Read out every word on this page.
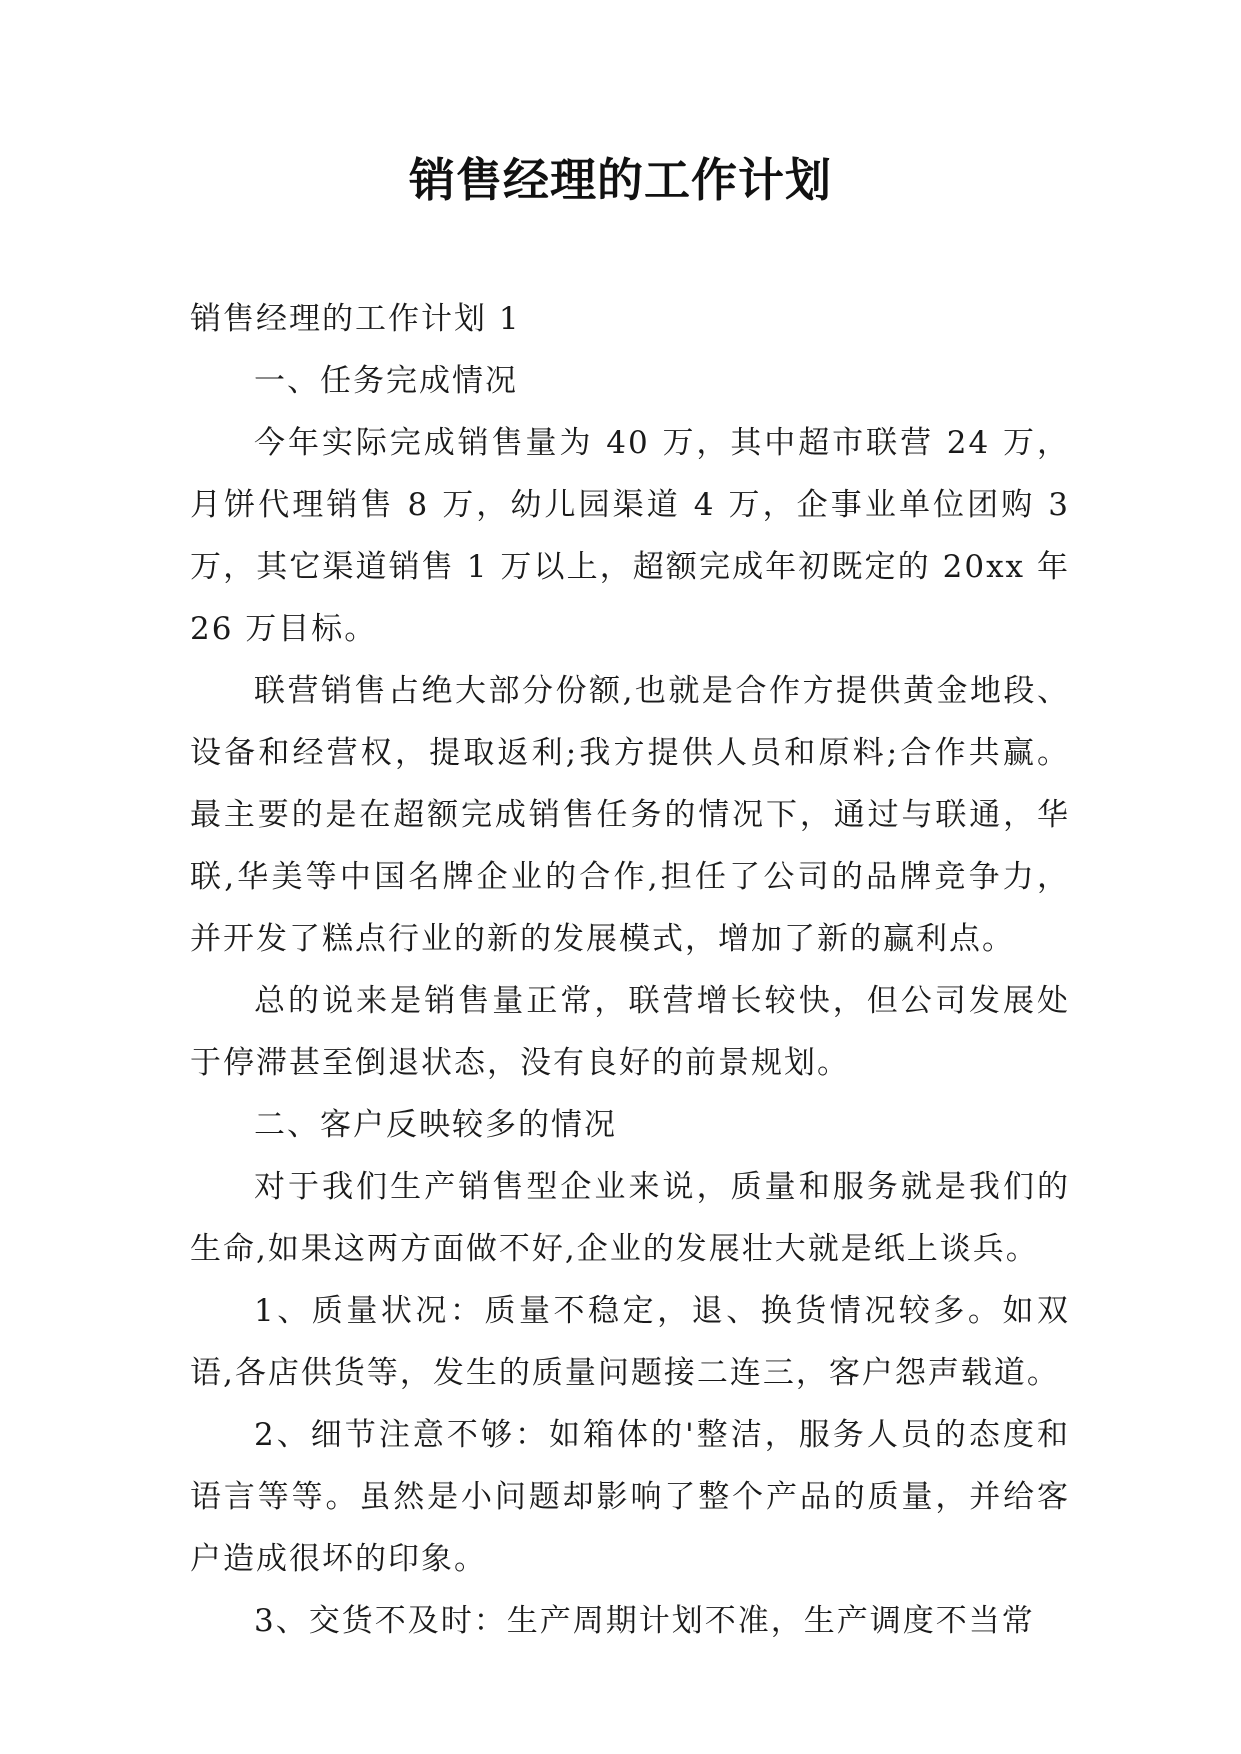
销售经理的工作计划

销售经理的工作计划 1

一、任务完成情况

今年实际完成销售量为 40 万，其中超市联营 24 万，月饼代理销售 8 万，幼儿园渠道 4 万，企事业单位团购 3 万，其它渠道销售 1 万以上，超额完成年初既定的 20xx 年 26 万目标。

联营销售占绝大部分份额,也就是合作方提供黄金地段、设备和经营权，提取返利;我方提供人员和原料;合作共赢。最主要的是在超额完成销售任务的情况下，通过与联通，华联,华美等中国名牌企业的合作,担任了公司的品牌竞争力，并开发了糕点行业的新的发展模式，增加了新的赢利点。

总的说来是销售量正常，联营增长较快，但公司发展处于停滞甚至倒退状态，没有良好的前景规划。

二、客户反映较多的情况

对于我们生产销售型企业来说，质量和服务就是我们的生命,如果这两方面做不好,企业的发展壮大就是纸上谈兵。

1、质量状况：质量不稳定，退、换货情况较多。如双语,各店供货等，发生的质量问题接二连三，客户怨声载道。

2、细节注意不够：如箱体的'整洁，服务人员的态度和语言等等。虽然是小问题却影响了整个产品的质量，并给客户造成很坏的印象。

3、交货不及时：生产周期计划不准，生产调度不当常
